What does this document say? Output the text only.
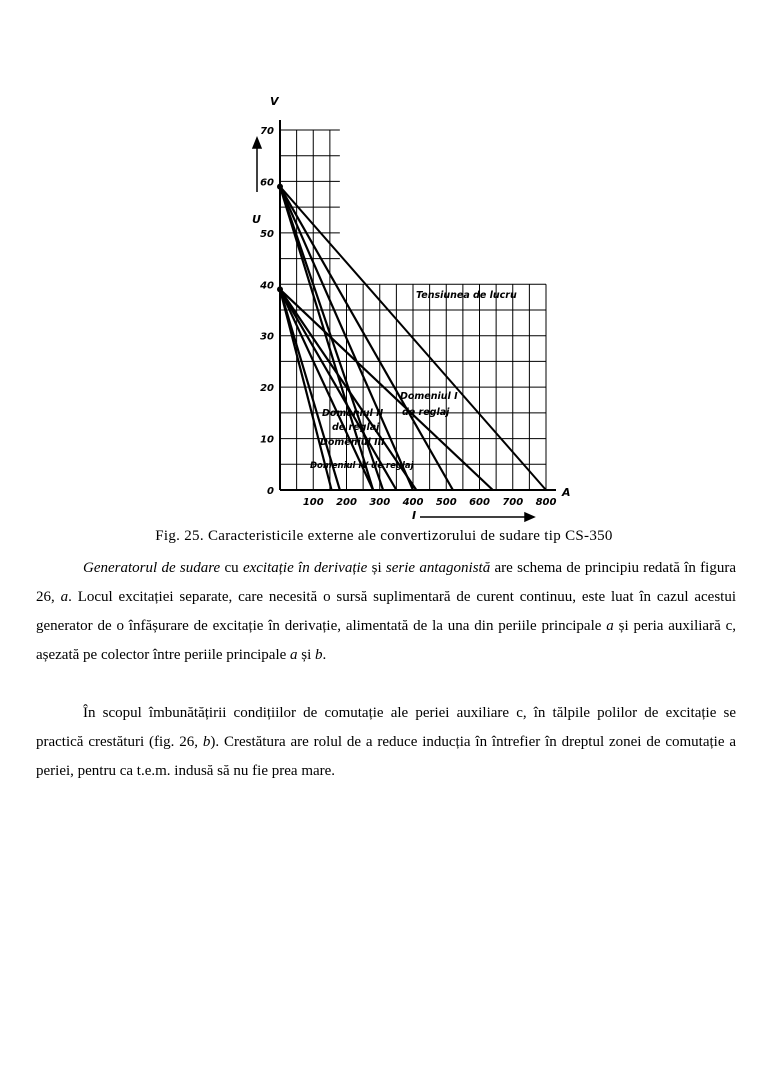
0
10
20
30
40
50
60
70
100 200 300 400 500 600 700 800
V
U
A
I
Tensiunea de lucru
Domeniul I
de reglaj
Domeniul II
de reglaj
Domeniul III
Domeniul IV de reglaj
Fig. 25. Caracteristicile externe ale convertizorului de sudare tip CS-350
Generatorul de sudare cu excitație în derivație și serie antagonistă are schema de principiu redată în figura 26, a. Locul excitației separate, care necesită o sursă suplimentară de curent continuu, este luat în cazul acestui generator de o înfășurare de excitație în derivație, alimentată de la una din periile principale a și peria auxiliară c, așezată pe colector între periile principale a și b.
În scopul îmbunătățirii condițiilor de comutație ale periei auxiliare c, în tălpile polilor de excitație se practică crestături (fig. 26, b). Crestătura are rolul de a reduce inducția în întrefier în dreptul zonei de comutație a periei, pentru ca t.e.m. indusă să nu fie prea mare.
